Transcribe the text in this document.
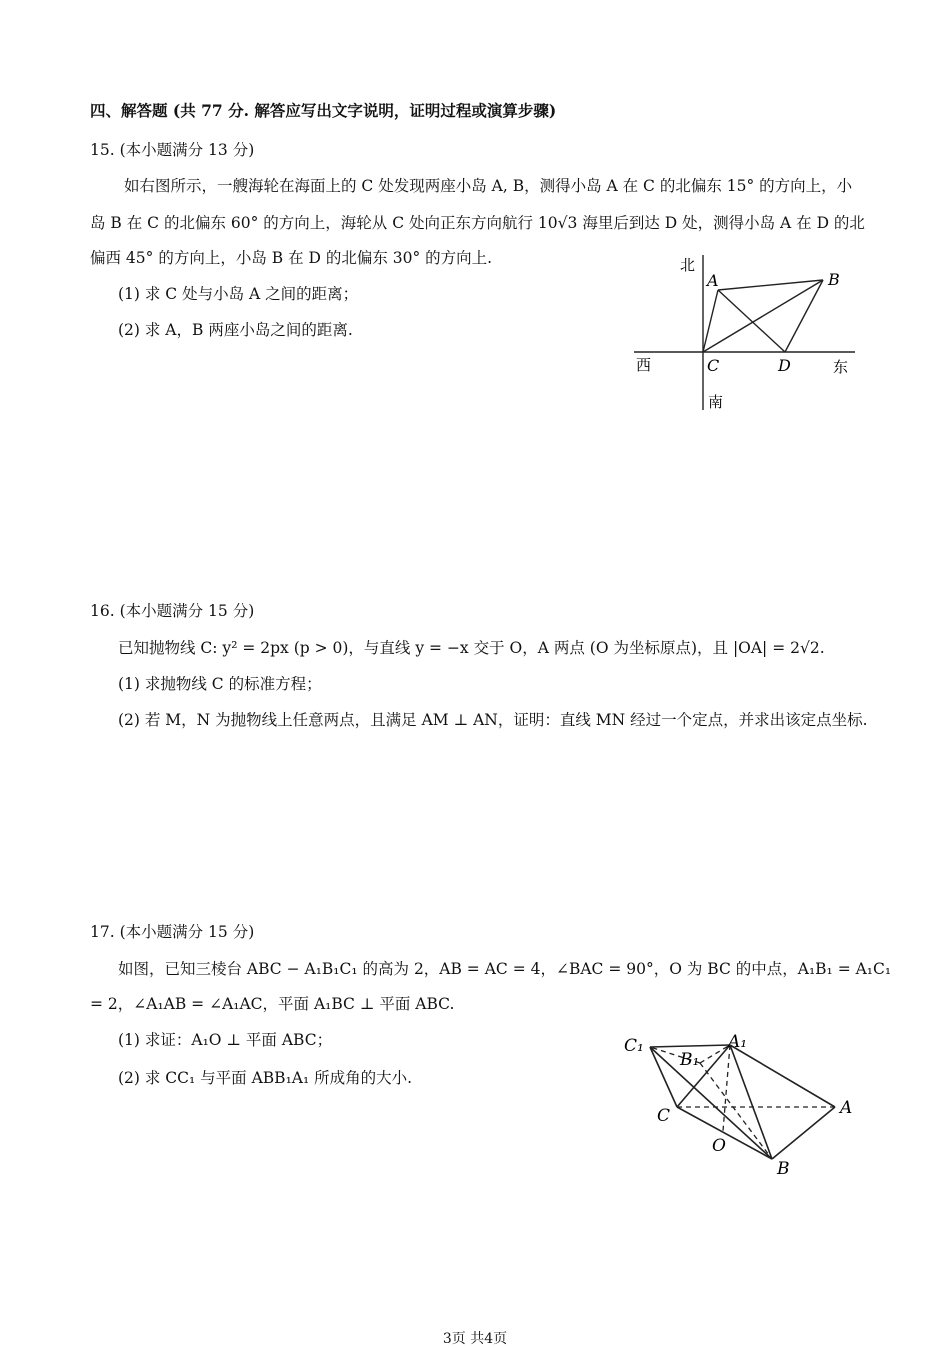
四、解答题 (共 77 分. 解答应写出文字说明，证明过程或演算步骤)
15. (本小题满分 13 分)
如右图所示，一艘海轮在海面上的 C 处发现两座小岛 A, B，测得小岛 A 在 C 的北偏东 15° 的方向上，小
岛 B 在 C 的北偏东 60° 的方向上，海轮从 C 处向正东方向航行 10√3 海里后到达 D 处，测得小岛 A 在 D 的北
偏西 45° 的方向上，小岛 B 在 D 的北偏东 30° 的方向上.
(1) 求 C 处与小岛 A 之间的距离；
(2) 求 A，B 两座小岛之间的距离.
北
南
西	东
A	B
C	D
16. (本小题满分 15 分)
已知抛物线 C: y² = 2px (p > 0)，与直线 y = −x 交于 O，A 两点 (O 为坐标原点)，且 |OA| = 2√2.
(1) 求抛物线 C 的标准方程；
(2) 若 M，N 为抛物线上任意两点，且满足 AM ⊥ AN，证明：直线 MN 经过一个定点，并求出该定点坐标.
17. (本小题满分 15 分)
如图，已知三棱台 ABC − A₁B₁C₁ 的高为 2，AB = AC = 4，∠BAC = 90°，O 为 BC 的中点，A₁B₁ = A₁C₁
= 2，∠A₁AB = ∠A₁AC，平面 A₁BC ⊥ 平面 ABC.
(1) 求证：A₁O ⊥ 平面 ABC；
(2) 求 CC₁ 与平面 ABB₁A₁ 所成角的大小.
C₁
B₁
A₁
C	A
O
B
3页 共4页
